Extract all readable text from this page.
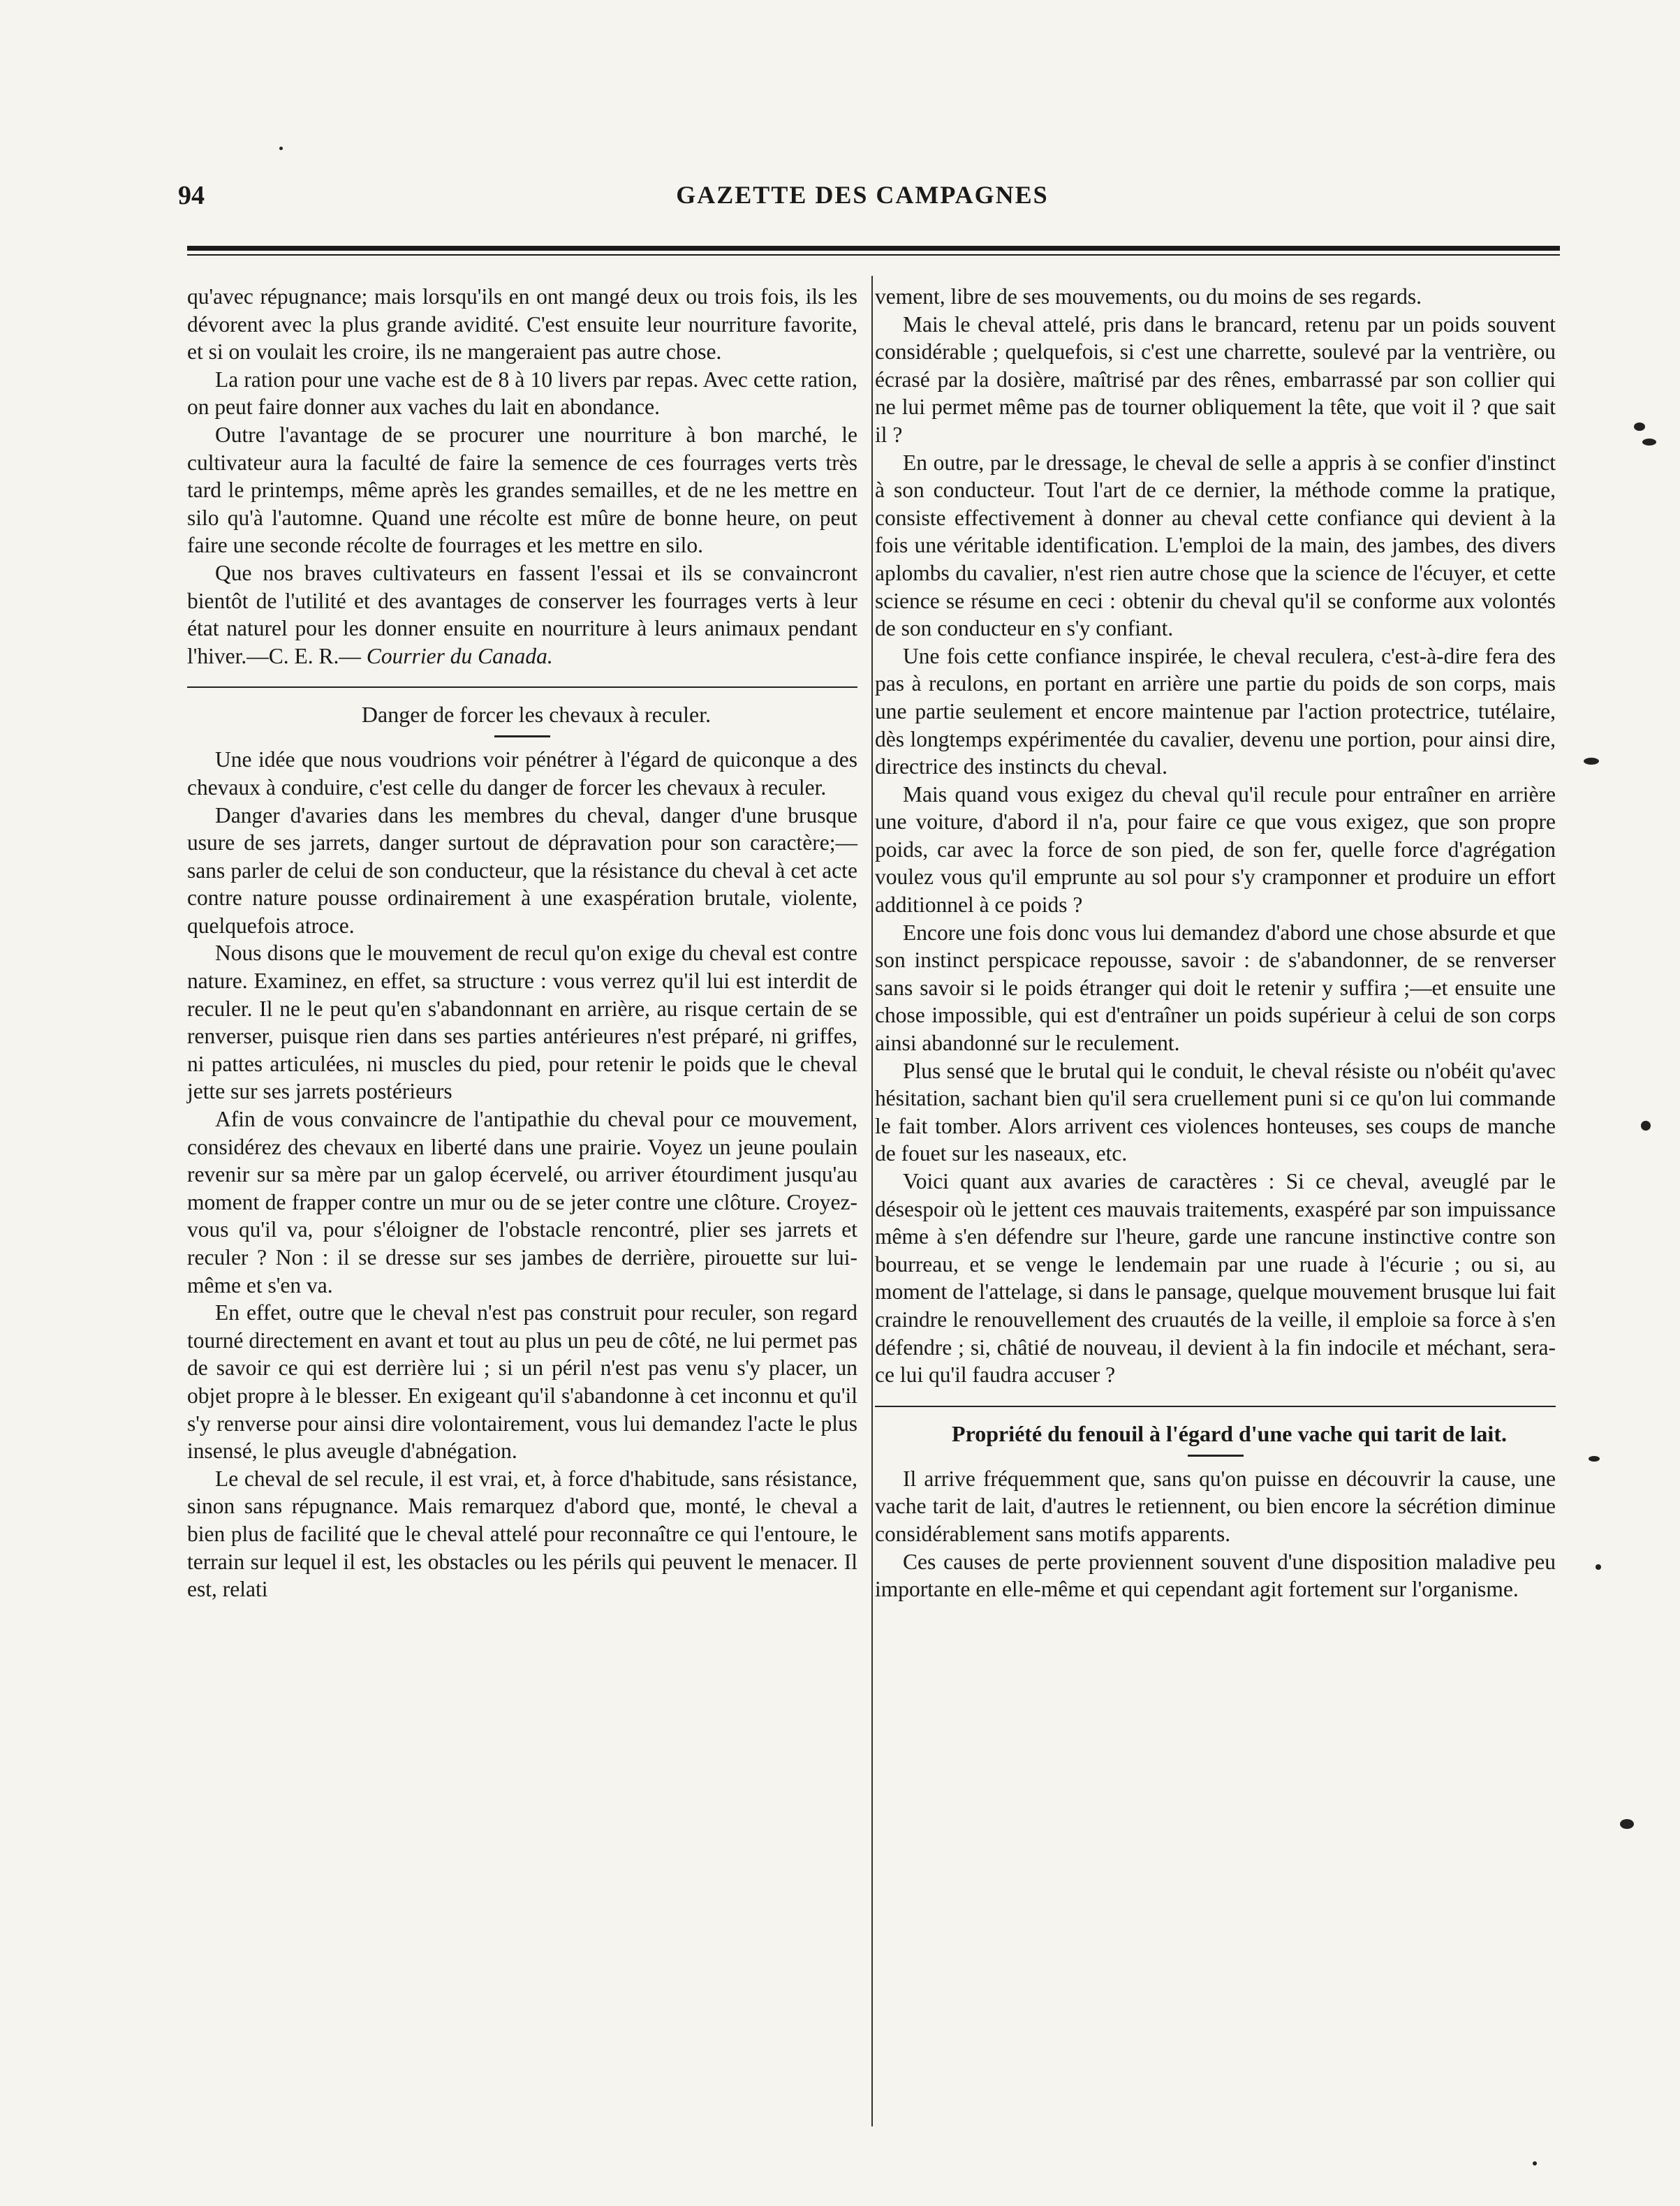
94	GAZETTE DES CAMPAGNES

qu'avec répugnance; mais lorsqu'ils en ont mangé deux ou trois fois, ils les dévorent avec la plus grande avidité. C'est ensuite leur nourriture favorite, et si on voulait les croire, ils ne mangeraient pas autre chose.

La ration pour une vache est de 8 à 10 livers par repas. Avec cette ration, on peut faire donner aux vaches du lait en abondance.

Outre l'avantage de se procurer une nourriture à bon marché, le cultivateur aura la faculté de faire la semence de ces fourrages verts très tard le printemps, même après les grandes semailles, et de ne les mettre en silo qu'à l'automne. Quand une récolte est mûre de bonne heure, on peut faire une seconde récolte de fourrages et les mettre en silo.

Que nos braves cultivateurs en fassent l'essai et ils se convaincront bientôt de l'utilité et des avantages de conserver les fourrages verts à leur état naturel pour les donner ensuite en nourriture à leurs animaux pendant l'hiver.—C. E. R.— Courrier du Canada.

Danger de forcer les chevaux à reculer.

Une idée que nous voudrions voir pénétrer à l'égard de quiconque a des chevaux à conduire, c'est celle du danger de forcer les chevaux à reculer.

Danger d'avaries dans les membres du cheval, danger d'une brusque usure de ses jarrets, danger surtout de dépravation pour son caractère;—sans parler de celui de son conducteur, que la résistance du cheval à cet acte contre nature pousse ordinairement à une exaspération brutale, violente, quelquefois atroce.

Nous disons que le mouvement de recul qu'on exige du cheval est contre nature. Examinez, en effet, sa structure : vous verrez qu'il lui est interdit de reculer. Il ne le peut qu'en s'abandonnant en arrière, au risque certain de se renverser, puisque rien dans ses parties antérieures n'est préparé, ni griffes, ni pattes articulées, ni muscles du pied, pour retenir le poids que le cheval jette sur ses jarrets postérieurs

Afin de vous convaincre de l'antipathie du cheval pour ce mouvement, considérez des chevaux en liberté dans une prairie. Voyez un jeune poulain revenir sur sa mère par un galop écervelé, ou arriver étourdiment jusqu'au moment de frapper contre un mur ou de se jeter contre une clôture. Croyez-vous qu'il va, pour s'éloigner de l'obstacle rencontré, plier ses jarrets et reculer ? Non : il se dresse sur ses jambes de derrière, pirouette sur lui-même et s'en va.

En effet, outre que le cheval n'est pas construit pour reculer, son regard tourné directement en avant et tout au plus un peu de côté, ne lui permet pas de savoir ce qui est derrière lui ; si un péril n'est pas venu s'y placer, un objet propre à le blesser. En exigeant qu'il s'abandonne à cet inconnu et qu'il s'y renverse pour ainsi dire volontairement, vous lui demandez l'acte le plus insensé, le plus aveugle d'abnégation.

Le cheval de sel recule, il est vrai, et, à force d'habitude, sans résistance, sinon sans répugnance. Mais remarquez d'abord que, monté, le cheval a bien plus de facilité que le cheval attelé pour reconnaître ce qui l'entoure, le terrain sur lequel il est, les obstacles ou les périls qui peuvent le menacer. Il est, relati

vement, libre de ses mouvements, ou du moins de ses regards.

Mais le cheval attelé, pris dans le brancard, retenu par un poids souvent considérable ; quelquefois, si c'est une charrette, soulevé par la ventrière, ou écrasé par la dosière, maîtrisé par des rênes, embarrassé par son collier qui ne lui permet même pas de tourner obliquement la tête, que voit il ? que sait il ?

En outre, par le dressage, le cheval de selle a appris à se confier d'instinct à son conducteur. Tout l'art de ce dernier, la méthode comme la pratique, consiste effectivement à donner au cheval cette confiance qui devient à la fois une véritable identification. L'emploi de la main, des jambes, des divers aplombs du cavalier, n'est rien autre chose que la science de l'écuyer, et cette science se résume en ceci : obtenir du cheval qu'il se conforme aux volontés de son conducteur en s'y confiant.

Une fois cette confiance inspirée, le cheval reculera, c'est-à-dire fera des pas à reculons, en portant en arrière une partie du poids de son corps, mais une partie seulement et encore maintenue par l'action protectrice, tutélaire, dès longtemps expérimentée du cavalier, devenu une portion, pour ainsi dire, directrice des instincts du cheval.

Mais quand vous exigez du cheval qu'il recule pour entraîner en arrière une voiture, d'abord il n'a, pour faire ce que vous exigez, que son propre poids, car avec la force de son pied, de son fer, quelle force d'agrégation voulez vous qu'il emprunte au sol pour s'y cramponner et produire un effort additionnel à ce poids ?

Encore une fois donc vous lui demandez d'abord une chose absurde et que son instinct perspicace repousse, savoir : de s'abandonner, de se renverser sans savoir si le poids étranger qui doit le retenir y suffira ;—et ensuite une chose impossible, qui est d'entraîner un poids supérieur à celui de son corps ainsi abandonné sur le reculement.

Plus sensé que le brutal qui le conduit, le cheval résiste ou n'obéit qu'avec hésitation, sachant bien qu'il sera cruellement puni si ce qu'on lui commande le fait tomber. Alors arrivent ces violences honteuses, ses coups de manche de fouet sur les naseaux, etc.

Voici quant aux avaries de caractères : Si ce cheval, aveuglé par le désespoir où le jettent ces mauvais traitements, exaspéré par son impuissance même à s'en défendre sur l'heure, garde une rancune instinctive contre son bourreau, et se venge le lendemain par une ruade à l'écurie ; ou si, au moment de l'attelage, si dans le pansage, quelque mouvement brusque lui fait craindre le renouvellement des cruautés de la veille, il emploie sa force à s'en défendre ; si, châtié de nouveau, il devient à la fin indocile et méchant, sera-ce lui qu'il faudra accuser ?

Propriété du fenouil à l'égard d'une vache qui tarit de lait.

Il arrive fréquemment que, sans qu'on puisse en découvrir la cause, une vache tarit de lait, d'autres le retiennent, ou bien encore la sécrétion diminue considérablement sans motifs apparents.

Ces causes de perte proviennent souvent d'une disposition maladive peu importante en elle-même et qui cependant agit fortement sur l'organisme.
